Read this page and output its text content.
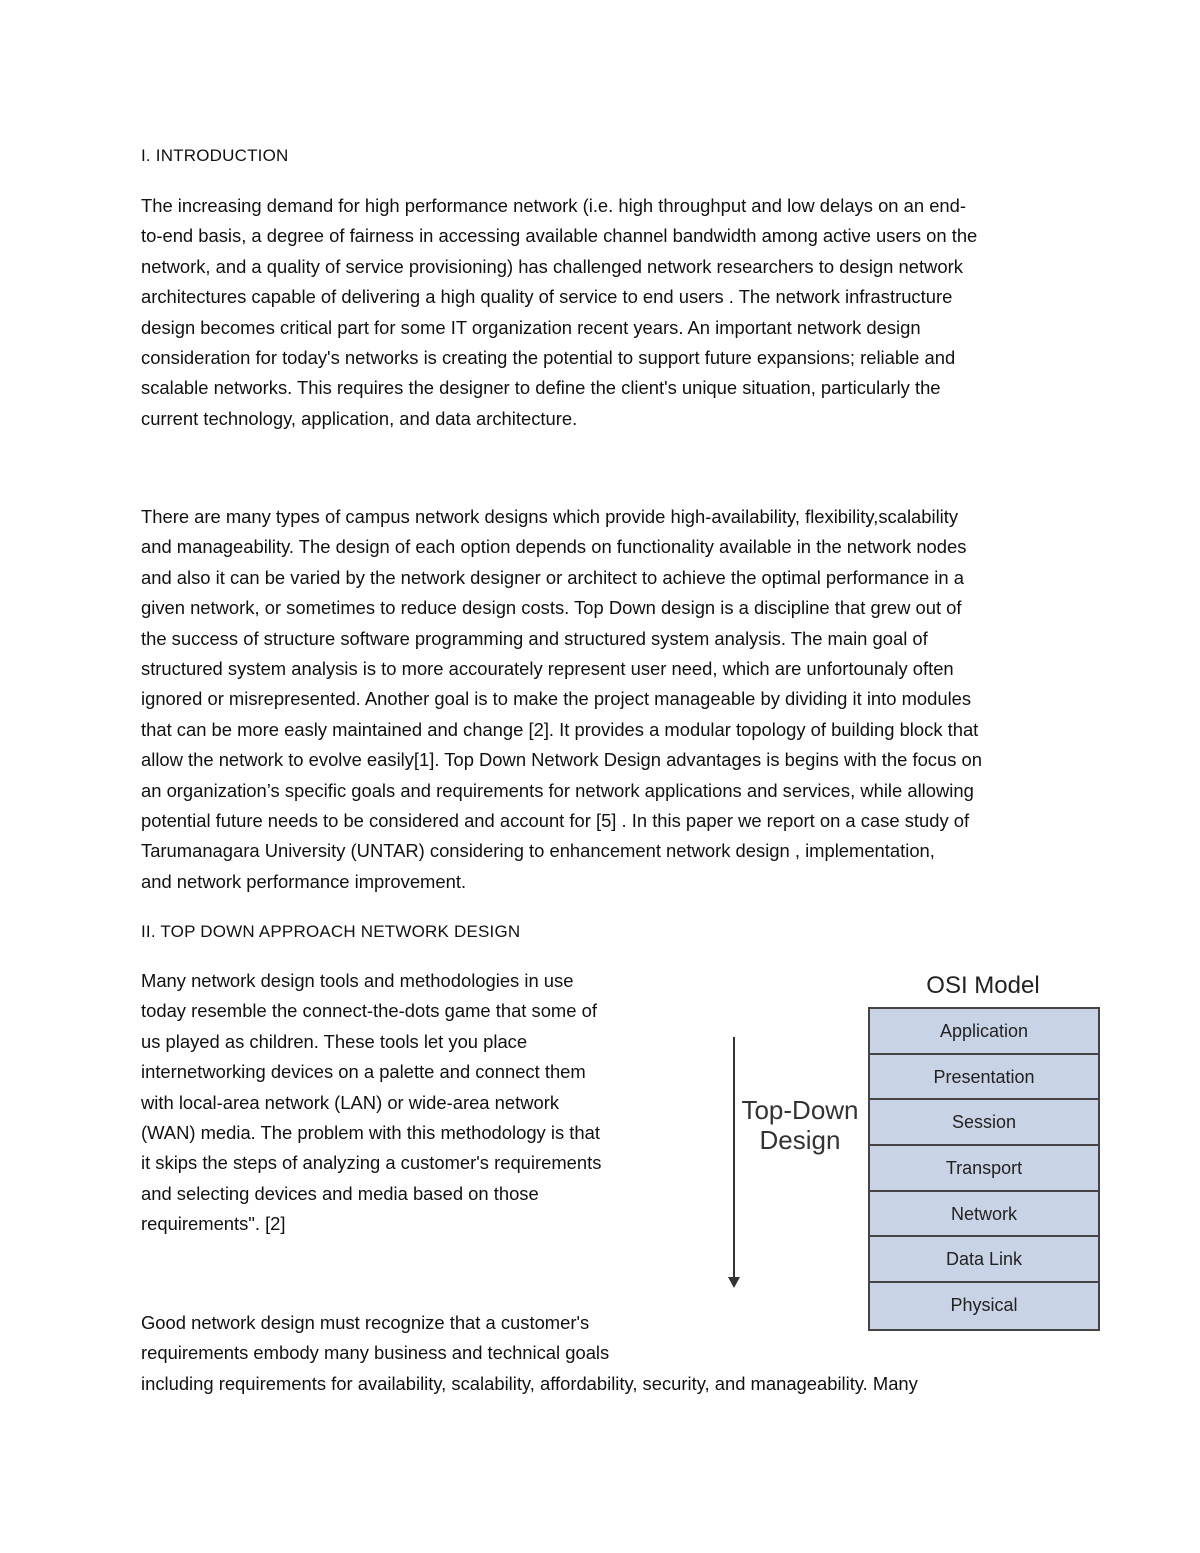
I. INTRODUCTION
The increasing demand for high performance network (i.e. high throughput and low delays on an end-
to-end basis, a degree of fairness in accessing available channel bandwidth among active users on the
network, and a quality of service provisioning) has challenged network researchers to design network
architectures capable of delivering a high quality of service to end users . The network infrastructure
design becomes critical part for some IT organization recent years. An important network design
consideration for today's networks is creating the potential to support future expansions; reliable and
scalable networks. This requires the designer to define the client's unique situation, particularly the
current technology, application, and data architecture.
There are many types of campus network designs which provide high-availability, flexibility,scalability
and manageability. The design of each option depends on functionality available in the network nodes
and also it can be varied by the network designer or architect to achieve the optimal performance in a
given network, or sometimes to reduce design costs. Top Down design is a discipline that grew out of
the success of structure software programming and structured system analysis. The main goal of
structured system analysis is to more accourately represent user need, which are unfortounaly often
ignored or misrepresented. Another goal is to make the project manageable by dividing it into modules
that can be more easly maintained and change [2]. It provides a modular topology of building block that
allow the network to evolve easily[1]. Top Down Network Design advantages is begins with the focus on
an organization’s specific goals and requirements for network applications and services, while allowing
potential future needs to be considered and account for [5] . In this paper we report on a case study of
Tarumanagara University (UNTAR) considering to enhancement network design , implementation,
and network performance improvement.
II. TOP DOWN APPROACH NETWORK DESIGN
Many network design tools and methodologies in use
today resemble the connect-the-dots game that some of
us played as children. These tools let you place
internetworking devices on a palette and connect them
with local-area network (LAN) or wide-area network
(WAN) media. The problem with this methodology is that
it skips the steps of analyzing a customer's requirements
and selecting devices and media based on those
requirements". [2]
Good network design must recognize that a customer's
requirements embody many business and technical goals
including requirements for availability, scalability, affordability, security, and manageability. Many
Top-Down
Design
OSI Model
Application
Presentation
Session
Transport
Network
Data Link
Physical
